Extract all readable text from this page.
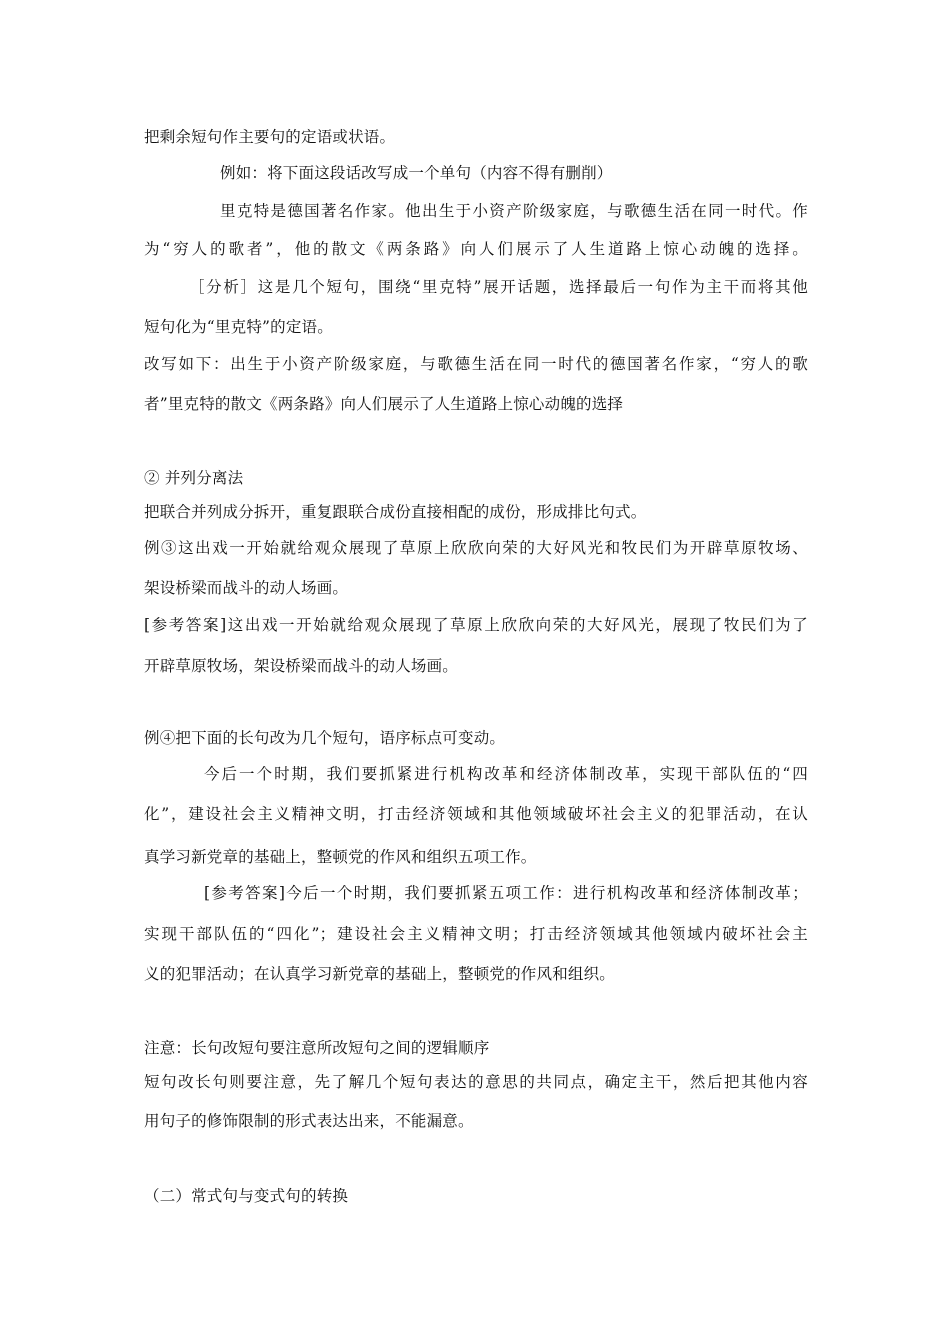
把剩余短句作主要句的定语或状语。
例如：将下面这段话改写成一个单句（内容不得有删削）
里克特是德国著名作家。他出生于小资产阶级家庭，与歌德生活在同一时代。作
为“穷人的歌者”，他的散文《两条路》向人们展示了人生道路上惊心动魄的选择。
［分析］这是几个短句，围绕“里克特”展开话题，选择最后一句作为主干而将其他
短句化为“里克特”的定语。
改写如下：出生于小资产阶级家庭，与歌德生活在同一时代的德国著名作家，“穷人的歌
者”里克特的散文《两条路》向人们展示了人生道路上惊心动魄的选择
② 并列分离法
把联合并列成分拆开，重复跟联合成份直接相配的成份，形成排比句式。
例③这出戏一开始就给观众展现了草原上欣欣向荣的大好风光和牧民们为开辟草原牧场、
架设桥梁而战斗的动人场画。
[参考答案]这出戏一开始就给观众展现了草原上欣欣向荣的大好风光，展现了牧民们为了
开辟草原牧场，架设桥梁而战斗的动人场画。
例④把下面的长句改为几个短句，语序标点可变动。
今后一个时期，我们要抓紧进行机构改革和经济体制改革，实现干部队伍的“四
化”，建设社会主义精神文明，打击经济领域和其他领域破坏社会主义的犯罪活动，在认
真学习新党章的基础上，整顿党的作风和组织五项工作。
[参考答案]今后一个时期，我们要抓紧五项工作：进行机构改革和经济体制改革；
实现干部队伍的“四化”；建设社会主义精神文明；打击经济领域其他领域内破坏社会主
义的犯罪活动；在认真学习新党章的基础上，整顿党的作风和组织。
注意：长句改短句要注意所改短句之间的逻辑顺序
短句改长句则要注意，先了解几个短句表达的意思的共同点，确定主干，然后把其他内容
用句子的修饰限制的形式表达出来，不能漏意。
（二）常式句与变式句的转换
